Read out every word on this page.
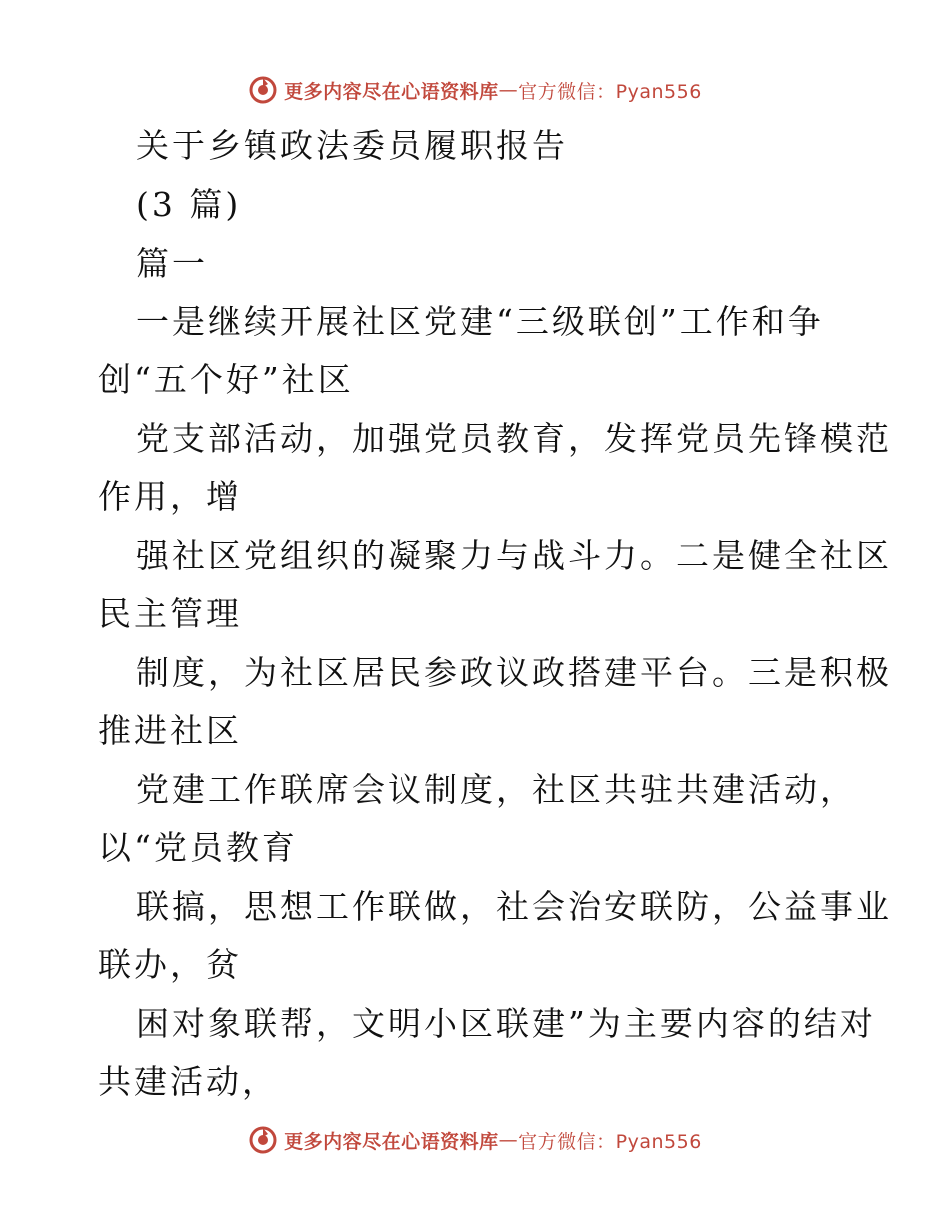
更多内容尽在心语资料库 — 官方微信：Pyan556
关于乡镇政法委员履职报告
(3 篇)
篇一
一是继续开展社区党建“三级联创”工作和争
创“五个好”社区
党支部活动，加强党员教育，发挥党员先锋模范
作用，增
强社区党组织的凝聚力与战斗力。二是健全社区
民主管理
制度，为社区居民参政议政搭建平台。三是积极
推进社区
党建工作联席会议制度，社区共驻共建活动，
以“党员教育
联搞，思想工作联做，社会治安联防，公益事业
联办，贫
困对象联帮，文明小区联建”为主要内容的结对
共建活动，
更多内容尽在心语资料库 — 官方微信：Pyan556
